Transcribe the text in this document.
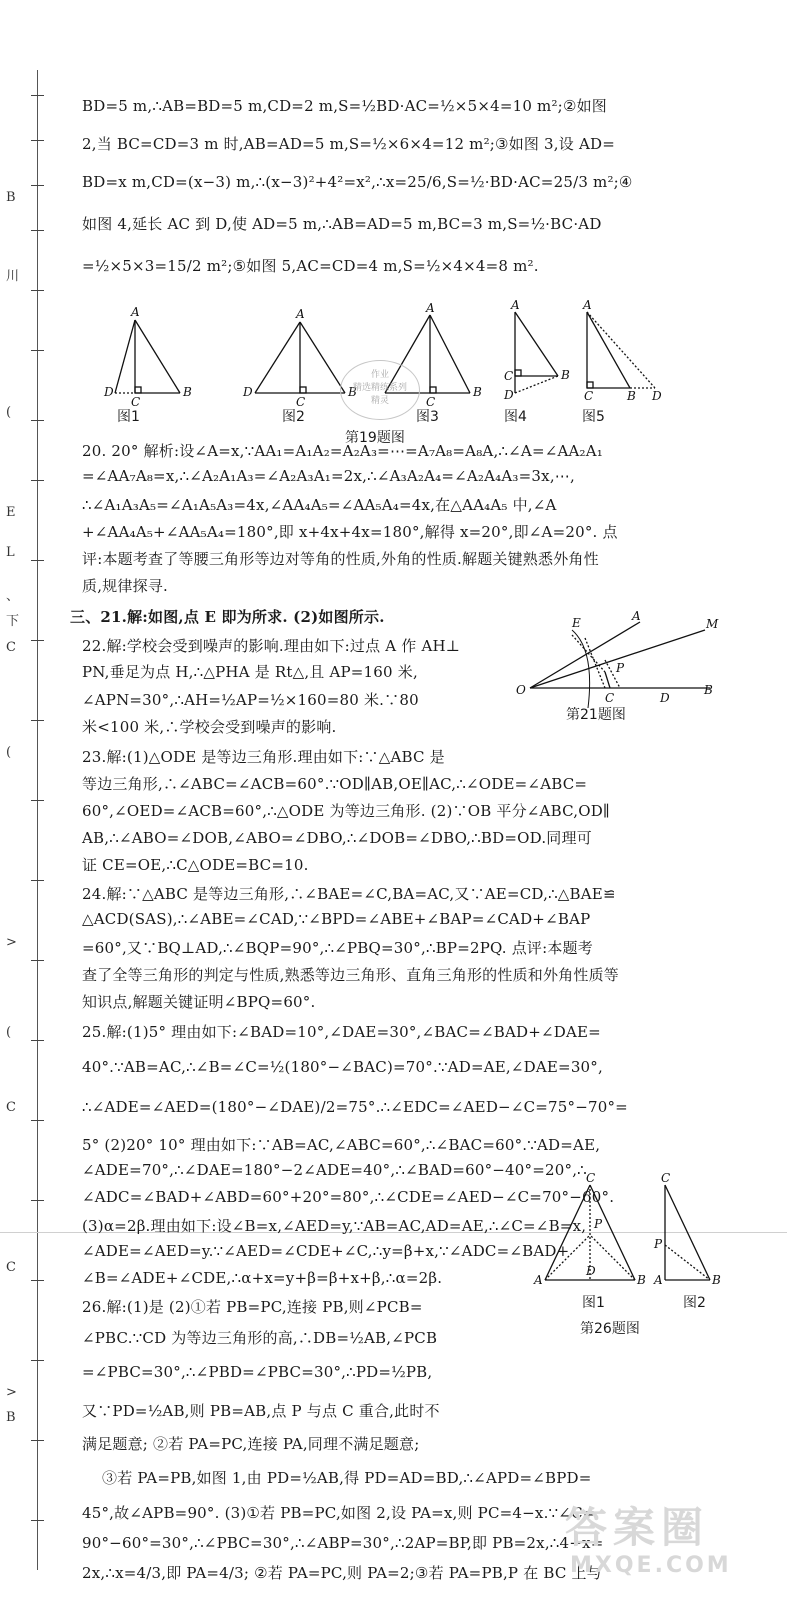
B
川
(
E
L
、
下
C
(
>
(
C
C
>
B
BD=5 m,∴AB=BD=5 m,CD=2 m,S=½BD·AC=½×5×4=10 m²;②如图
2,当 BC=CD=3 m 时,AB=AD=5 m,S=½×6×4=12 m²;③如图 3,设 AD=
BD=x m,CD=(x−3) m,∴(x−3)²+4²=x²,∴x=25/6,S=½·BD·AC=25/3 m²;④
如图 4,延长 AC 到 D,使 AD=5 m,∴AB=AD=5 m,BC=3 m,S=½·BC·AD
=½×5×3=15/2 m²;⑤如图 5,AC=CD=4 m,S=½×4×4=8 m².
20. 20° 解析:设∠A=x,∵AA₁=A₁A₂=A₂A₃=⋯=A₇A₈=A₈A,∴∠A=∠AA₂A₁
=∠AA₇A₈=x,∴∠A₂A₁A₃=∠A₂A₃A₁=2x,∴∠A₃A₂A₄=∠A₂A₄A₃=3x,⋯,
∴∠A₁A₃A₅=∠A₁A₅A₃=4x,∠AA₄A₅=∠AA₅A₄=4x,在△AA₄A₅ 中,∠A
+∠AA₄A₅+∠AA₅A₄=180°,即 x+4x+4x=180°,解得 x=20°,即∠A=20°. 点
评:本题考查了等腰三角形等边对等角的性质,外角的性质.解题关键熟悉外角性
质,规律探寻.
三、21.解:如图,点 E 即为所求. (2)如图所示.
22.解:学校会受到噪声的影响.理由如下:过点 A 作 AH⊥
PN,垂足为点 H,∴△PHA 是 Rt△,且 AP=160 米,
∠APN=30°,∴AH=½AP=½×160=80 米.∵80
米<100 米,∴学校会受到噪声的影响.
23.解:(1)△ODE 是等边三角形.理由如下:∵△ABC 是
等边三角形,∴∠ABC=∠ACB=60°.∵OD∥AB,OE∥AC,∴∠ODE=∠ABC=
60°,∠OED=∠ACB=60°,∴△ODE 为等边三角形. (2)∵OB 平分∠ABC,OD∥
AB,∴∠ABO=∠DOB,∠ABO=∠DBO,∴∠DOB=∠DBO,∴BD=OD.同理可
证 CE=OE,∴C△ODE=BC=10.
24.解:∵△ABC 是等边三角形,∴∠BAE=∠C,BA=AC,又∵AE=CD,∴△BAE≌
△ACD(SAS),∴∠ABE=∠CAD,∵∠BPD=∠ABE+∠BAP=∠CAD+∠BAP
=60°,又∵BQ⊥AD,∴∠BQP=90°,∴∠PBQ=30°,∴BP=2PQ. 点评:本题考
查了全等三角形的判定与性质,熟悉等边三角形、直角三角形的性质和外角性质等
知识点,解题关键证明∠BPQ=60°.
25.解:(1)5° 理由如下:∠BAD=10°,∠DAE=30°,∠BAC=∠BAD+∠DAE=
40°.∵AB=AC,∴∠B=∠C=½(180°−∠BAC)=70°.∵AD=AE,∠DAE=30°,
∴∠ADE=∠AED=(180°−∠DAE)/2=75°.∴∠EDC=∠AED−∠C=75°−70°=
5° (2)20° 10° 理由如下:∵AB=AC,∠ABC=60°,∴∠BAC=60°.∵AD=AE,
∠ADE=70°,∴∠DAE=180°−2∠ADE=40°,∴∠BAD=60°−40°=20°,∴
∠ADC=∠BAD+∠ABD=60°+20°=80°,∴∠CDE=∠AED−∠C=70°−60°.
(3)α=2β.理由如下:设∠B=x,∠AED=y,∵AB=AC,AD=AE,∴∠C=∠B=x,
∠ADE=∠AED=y.∵∠AED=∠CDE+∠C,∴y=β+x,∵∠ADC=∠BAD+
∠B=∠ADE+∠CDE,∴α+x=y+β=β+x+β,∴α=2β.
26.解:(1)是 (2)①若 PB=PC,连接 PB,则∠PCB=
∠PBC.∵CD 为等边三角形的高,∴DB=½AB,∠PCB
=∠PBC=30°,∴∠PBD=∠PBC=30°,∴PD=½PB,
又∵PD=½AB,则 PB=AB,点 P 与点 C 重合,此时不
满足题意; ②若 PA=PC,连接 PA,同理不满足题意;
③若 PA=PB,如图 1,由 PD=½AB,得 PD=AD=BD,∴∠APD=∠BPD=
45°,故∠APB=90°. (3)①若 PB=PC,如图 2,设 PA=x,则 PC=4−x.∵∠C=
90°−60°=30°,∴∠PBC=30°,∴∠ABP=30°,∴2AP=BP,即 PB=2x,∴4−x=
2x,∴x=4/3,即 PA=4/3; ②若 PA=PC,则 PA=2;③若 PA=PB,P 在 BC 上与
A
D
C
B
A
D
C
B
A
C
B
A
C
D
B
A
C	B D
图1	图2	图3	图4	图5
第19题图
作业
精选精练系列
精灵
A
M
E
P
O
C	D
B
第21题图
C
P
A
D
B
C
P
A	B
图1	图2
第26题图
答案圈
MXQE.COM
